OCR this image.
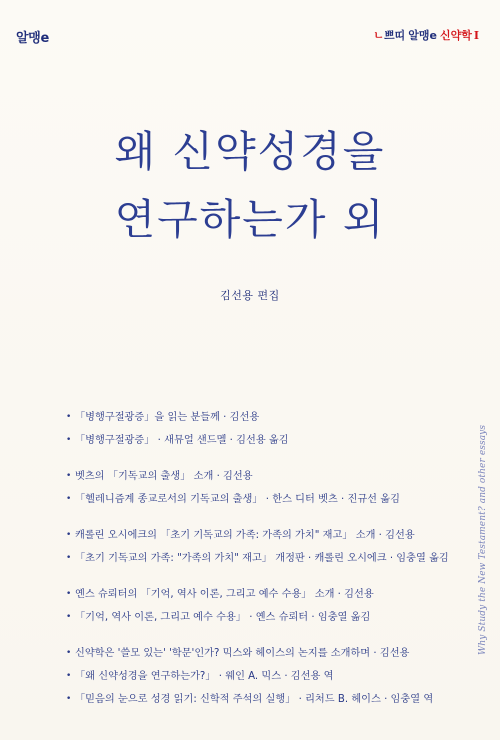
알맹e	ㄴ쁘띠 알맹e 신약학 I
왜 신약성경을
연구하는가 외
김선용 편집
• 「병행구절광증」을 읽는 분들께 · 김선용
• 「병행구절광증」 · 새뮤얼 샌드멜 · 김선용 옮김
• 벳츠의 「기독교의 출생」 소개 · 김선용
• 「헬레니즘계 종교로서의 기독교의 출생」 · 한스 디터 벳츠 · 진규선 옮김
• 캐롤린 오시에크의 「초기 기독교의 가족: 가족의 가치" 재고」 소개 · 김선용
• 「초기 기독교의 가족: "가족의 가치" 재고」 개정판 · 캐롤린 오시에크 · 임충열 옮김
• 옌스 슈뢰터의 「기억, 역사 이론, 그리고 예수 수용」 소개 · 김선용
• 「기억, 역사 이론, 그리고 예수 수용」 · 옌스 슈뢰터 · 임충열 옮김
• 신약학은 '쓸모 있는' '학문'인가? 믹스와 헤이스의 논지를 소개하며 · 김선용
• 「왜 신약성경을 연구하는가?」 · 웨인 A. 믹스 · 김선용 역
• 「믿음의 눈으로 성경 읽기: 신학적 주석의 실행」 · 리처드 B. 헤이스 · 임충열 역
Why Study the New Testament? and other essays
